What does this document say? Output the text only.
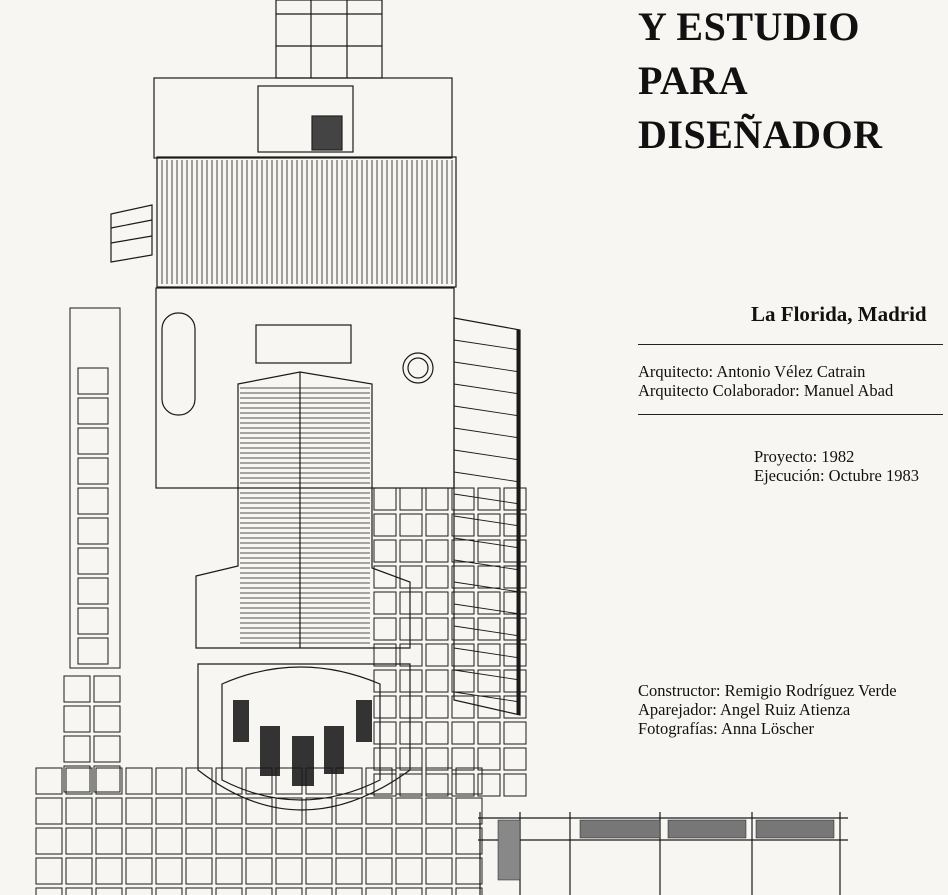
Y ESTUDIO
PARA
DISEÑADOR
La Florida, Madrid
Arquitecto: Antonio Vélez Catrain
Arquitecto Colaborador: Manuel Abad
Proyecto: 1982
Ejecución: Octubre 1983
Constructor: Remigio Rodríguez Verde
Aparejador: Angel Ruiz Atienza
Fotografías: Anna Löscher
